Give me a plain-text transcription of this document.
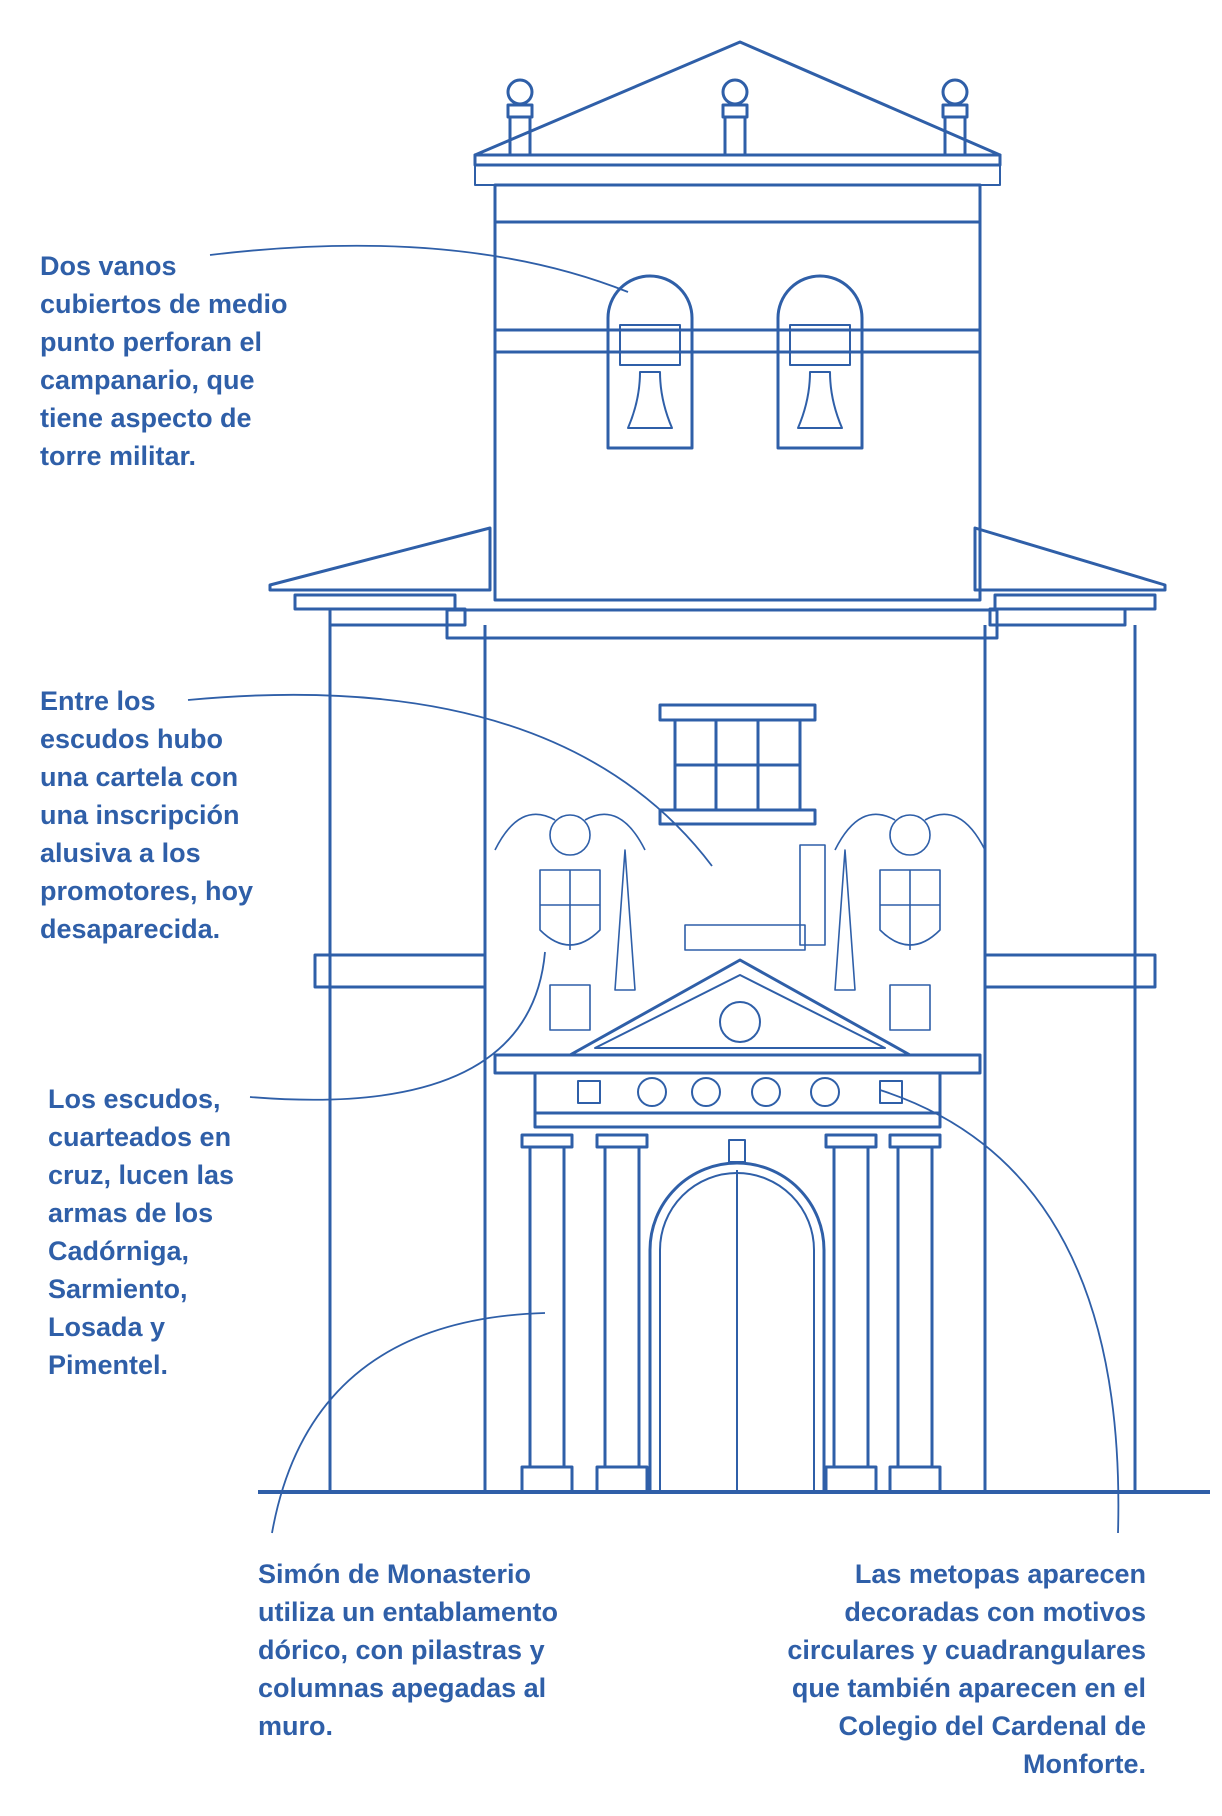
Dos vanos
cubiertos de medio
punto perforan el
campanario, que
tiene aspecto de
torre militar.
Entre los
escudos hubo
una cartela con
una inscripción
alusiva a los
promotores, hoy
desaparecida.
Los escudos,
cuarteados en
cruz, lucen las
armas de los
Cadórniga,
Sarmiento,
Losada y
Pimentel.
Simón de Monasterio
utiliza un entablamento
dórico, con pilastras y
columnas apegadas al
muro.
Las metopas aparecen
decoradas con motivos
circulares y cuadrangulares
que también aparecen en el
Colegio del Cardenal de
Monforte.
